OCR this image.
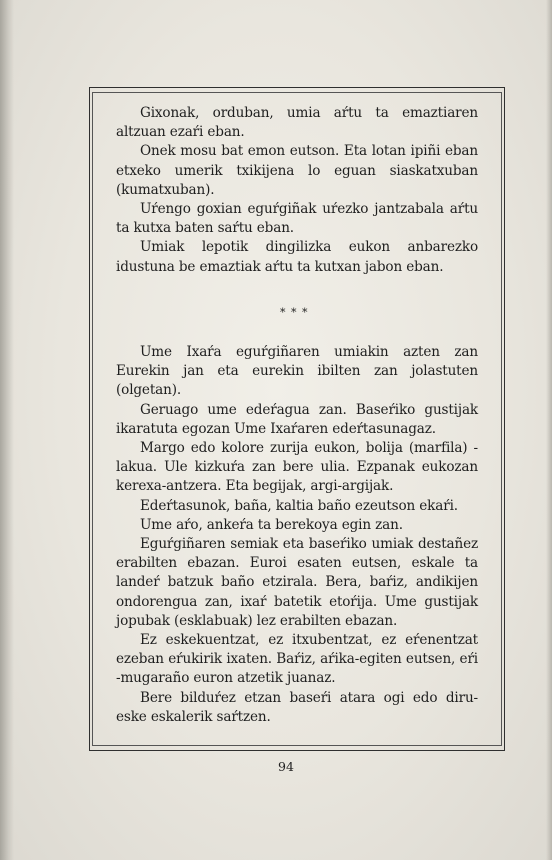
Gixonak, orduban, umia aŕtu ta emaztiaren altzuan ezaŕi eban.

Onek mosu bat emon eutson. Eta lotan ipiñi eban etxeko umerik txikijena lo eguan siaskatxuban (kumatxuban).

Uŕengo goxian eguŕgiñak uŕezko jantzabala aŕtu ta kutxa baten saŕtu eban.

Umiak lepotik dingilizka eukon anbarezko idustuna be emaztiak aŕtu ta kutxan jabon eban.

* * *

Ume Ixaŕa eguŕgiñaren umiakin azten zan Eurekin jan eta eurekin ibilten zan jolastuten (olgetan).

Geruago ume edeŕagua zan. Baseŕiko gustijak ikaratuta egozan Ume Ixaŕaren edeŕtasunagaz.

Margo edo kolore zurija eukon, bolija (marfila) -lakua. Ule kizkuŕa zan bere ulia. Ezpanak eukozan kerexa-antzera. Eta begijak, argi-argijak.

Edeŕtasunok, baña, kaltia baño ezeutson ekaŕi.

Ume aŕo, ankeŕa ta berekoya egin zan.

Eguŕgiñaren semiak eta baseŕiko umiak destañez erabilten ebazan. Euroi esaten eutsen, eskale ta landeŕ batzuk baño etzirala. Bera, baŕiz, andikijen ondorengua zan, ixaŕ batetik etoŕija. Ume gustijak jopubak (esklabuak) lez erabilten ebazan.

Ez eskekuentzat, ez itxubentzat, ez eŕenentzat ezeban eŕukirik ixaten. Baŕiz, aŕika-egiten eutsen, eŕi -mugaraño euron atzetik juanaz.

Bere bilduŕez etzan baseŕi atara ogi edo diru-eske eskalerik saŕtzen.

94
